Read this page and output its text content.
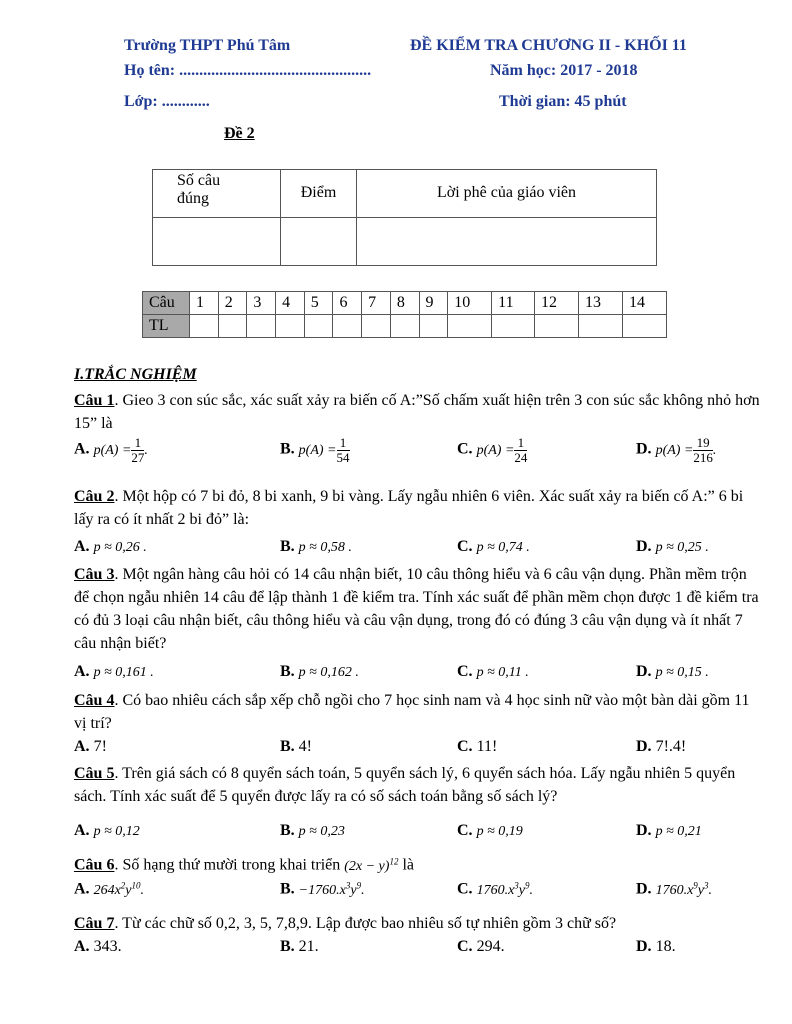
Trường THPT Phú Tâm	ĐỀ KIỂM TRA CHƯƠNG II - KHỐI 11
Họ tên: ................................................	Năm học: 2017 - 2018
Lớp: ............	Thời gian: 45 phút
Đề 2
Số câu
đúng	Điểm	Lời phê của giáo viên

Câu	1	2	3	4	5	6	7	8	9	10	11	12	13	14
TL														
I.TRẮC NGHIỆM
Câu 1. Gieo 3 con súc sắc, xác suất xảy ra biến cố A:”Số chấm xuất hiện trên 3 con súc sắc không nhỏ hơn 15” là
Câu 2. Một hộp có 7 bi đỏ, 8 bi xanh, 9 bi vàng. Lấy ngẫu nhiên 6 viên. Xác suất xảy ra biến cố A:” 6 bi lấy ra có ít nhất 2 bi đỏ” là:
Câu 3. Một ngân hàng câu hỏi có 14 câu nhận biết, 10 câu thông hiểu và 6 câu vận dụng. Phần mềm trộn để chọn ngẫu nhiên 14 câu để lập thành 1 đề kiểm tra. Tính xác suất để phần mềm chọn được 1 đề kiểm tra có đủ 3 loại câu nhận biết, câu thông hiểu và câu vận dụng, trong đó có đúng 3 câu vận dụng và ít nhất 7 câu nhận biết?
Câu 4. Có bao nhiêu cách sắp xếp chỗ ngồi cho 7 học sinh nam và 4 học sinh nữ vào một bàn dài gồm 11 vị trí?
Câu 5. Trên giá sách có 8 quyển sách toán, 5 quyển sách lý, 6 quyển sách hóa. Lấy ngẫu nhiên 5 quyển sách. Tính xác suất để 5 quyển được lấy ra có số sách toán bằng số sách lý?
Câu 6. Số hạng thứ mười trong khai triển $(2x - y)^{12}$ là
Câu 7. Từ các chữ số 0,2, 3, 5, 7,8,9. Lập được bao nhiêu số tự nhiên gồm 3 chữ số?
A. $p(A) = \frac{1}{27}$ .	B. $p(A) = \frac{1}{54}$	C. $p(A) = \frac{1}{24}$	D. $p(A) = \frac{19}{216}$ .
A. p ≈ 0,26 .	B. p ≈ 0,58 .	C. p ≈ 0,74 .	D. p ≈ 0,25 .
A. p ≈ 0,161 .	B. p ≈ 0,162 .	C. p ≈ 0,11 .	D. p ≈ 0,15 .
A. 7!	B. 4!	C. 11!	D. 7!.4!
A. p ≈ 0,12	B. p ≈ 0,23	C. p ≈ 0,19	D. p ≈ 0,21
A. $264x^2y^{10}$.	B. $-1760.x^3y^9$.	C. $1760.x^3y^9$.	D. $1760.x^9y^3$.
A. 343.	B. 21.	C. 294.	D. 18.
